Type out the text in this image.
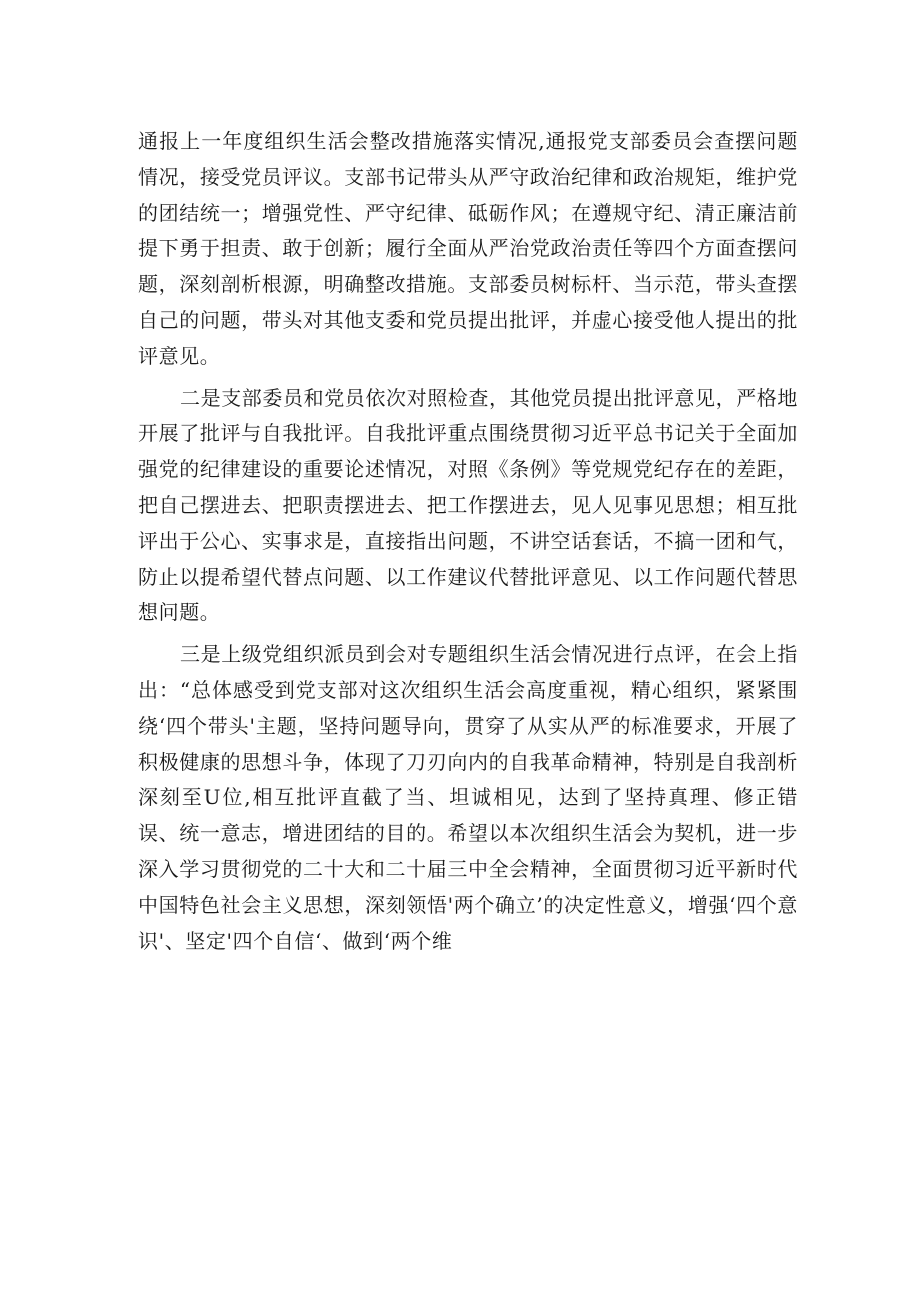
通报上一年度组织生活会整改措施落实情况,通报党支部委员会查摆问题情况，接受党员评议。支部书记带头从严守政治纪律和政治规矩，维护党的团结统一；增强党性、严守纪律、砥砺作风；在遵规守纪、清正廉洁前提下勇于担责、敢于创新；履行全面从严治党政治责任等四个方面查摆问题，深刻剖析根源，明确整改措施。支部委员树标杆、当示范，带头查摆自己的问题，带头对其他支委和党员提出批评，并虚心接受他人提出的批评意见。

二是支部委员和党员依次对照检查，其他党员提出批评意见，严格地开展了批评与自我批评。自我批评重点围绕贯彻习近平总书记关于全面加强党的纪律建设的重要论述情况，对照《条例》等党规党纪存在的差距，把自己摆进去、把职责摆进去、把工作摆进去，见人见事见思想；相互批评出于公心、实事求是，直接指出问题，不讲空话套话，不搞一团和气，防止以提希望代替点问题、以工作建议代替批评意见、以工作问题代替思想问题。

三是上级党组织派员到会对专题组织生活会情况进行点评，在会上指出：“总体感受到党支部对这次组织生活会高度重视，精心组织，紧紧围绕‘四个带头'主题，坚持问题导向，贯穿了从实从严的标准要求，开展了积极健康的思想斗争，体现了刀刃向内的自我革命精神，特别是自我剖析深刻至U位,相互批评直截了当、坦诚相见，达到了坚持真理、修正错误、统一意志，增进团结的目的。希望以本次组织生活会为契机，进一步深入学习贯彻党的二十大和二十届三中全会精神，全面贯彻习近平新时代中国特色社会主义思想，深刻领悟'两个确立’的决定性意义，增强‘四个意识'、坚定'四个自信‘、做到‘两个维
